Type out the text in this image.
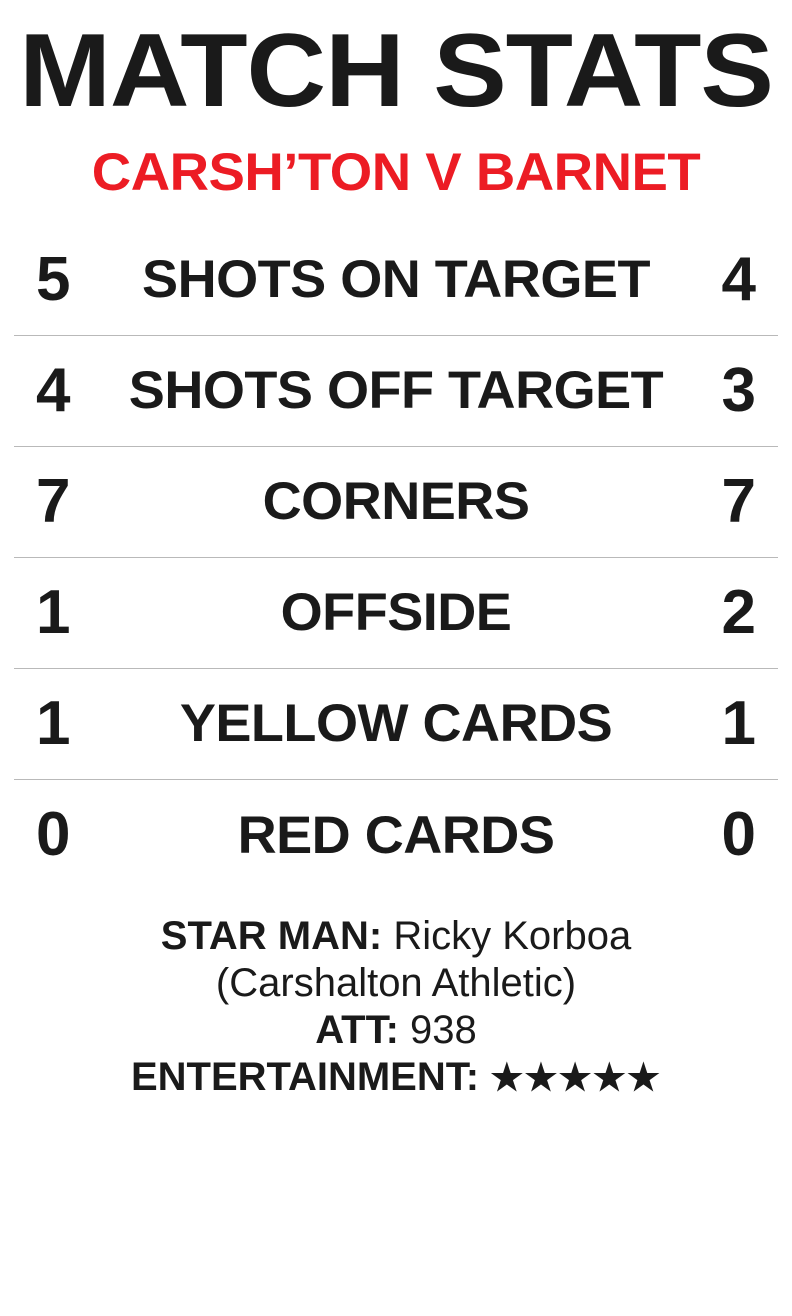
MATCH STATS
CARSH’TON V BARNET
5	SHOTS ON TARGET	4
4	SHOTS OFF TARGET 3
7	CORNERS	7
1	OFFSIDE	2
1	YELLOW CARDS	1
0	RED CARDS	0
STAR MAN: Ricky Korboa
(Carshalton Athletic)
ATT: 938
ENTERTAINMENT: ★★★★★
